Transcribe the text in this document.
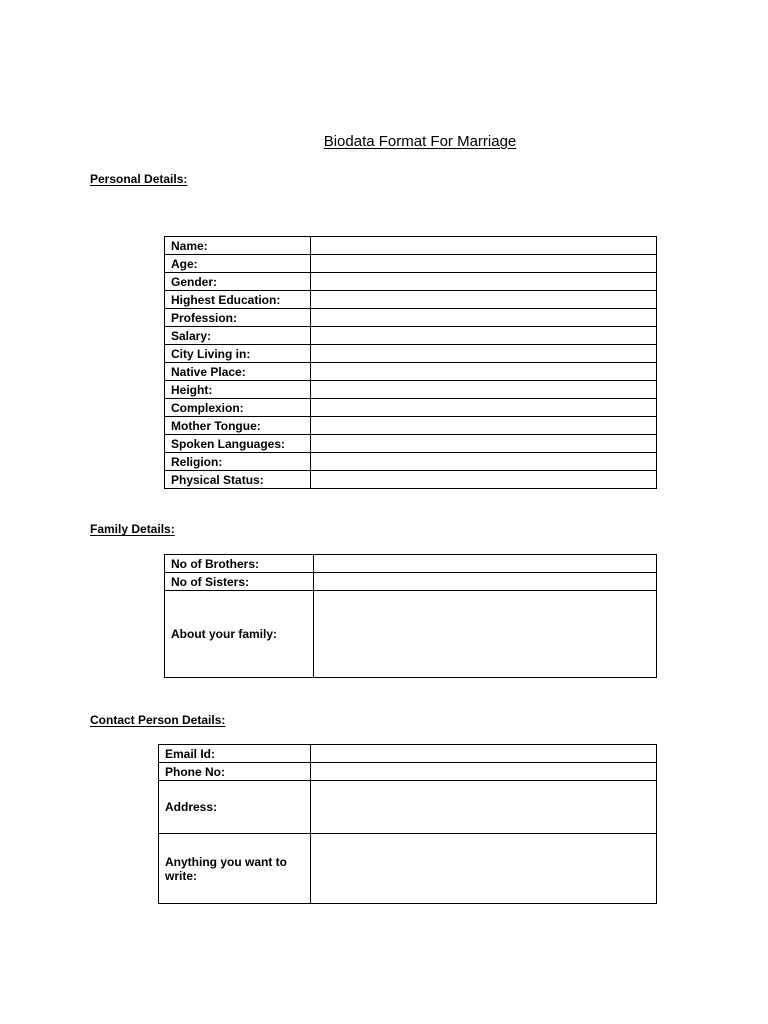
Biodata Format For Marriage
Personal Details:
Name:	
Age:	
Gender:	
Highest Education:	
Profession:	
Salary:	
City Living in:	
Native Place:	
Height:	
Complexion:	
Mother Tongue:	
Spoken Languages:	
Religion:	
Physical Status:	
Family Details:
No of Brothers:	
No of Sisters:	
About your family:	
Contact Person Details:
Email Id:	
Phone No:	
Address:	
Anything you want to write:	
